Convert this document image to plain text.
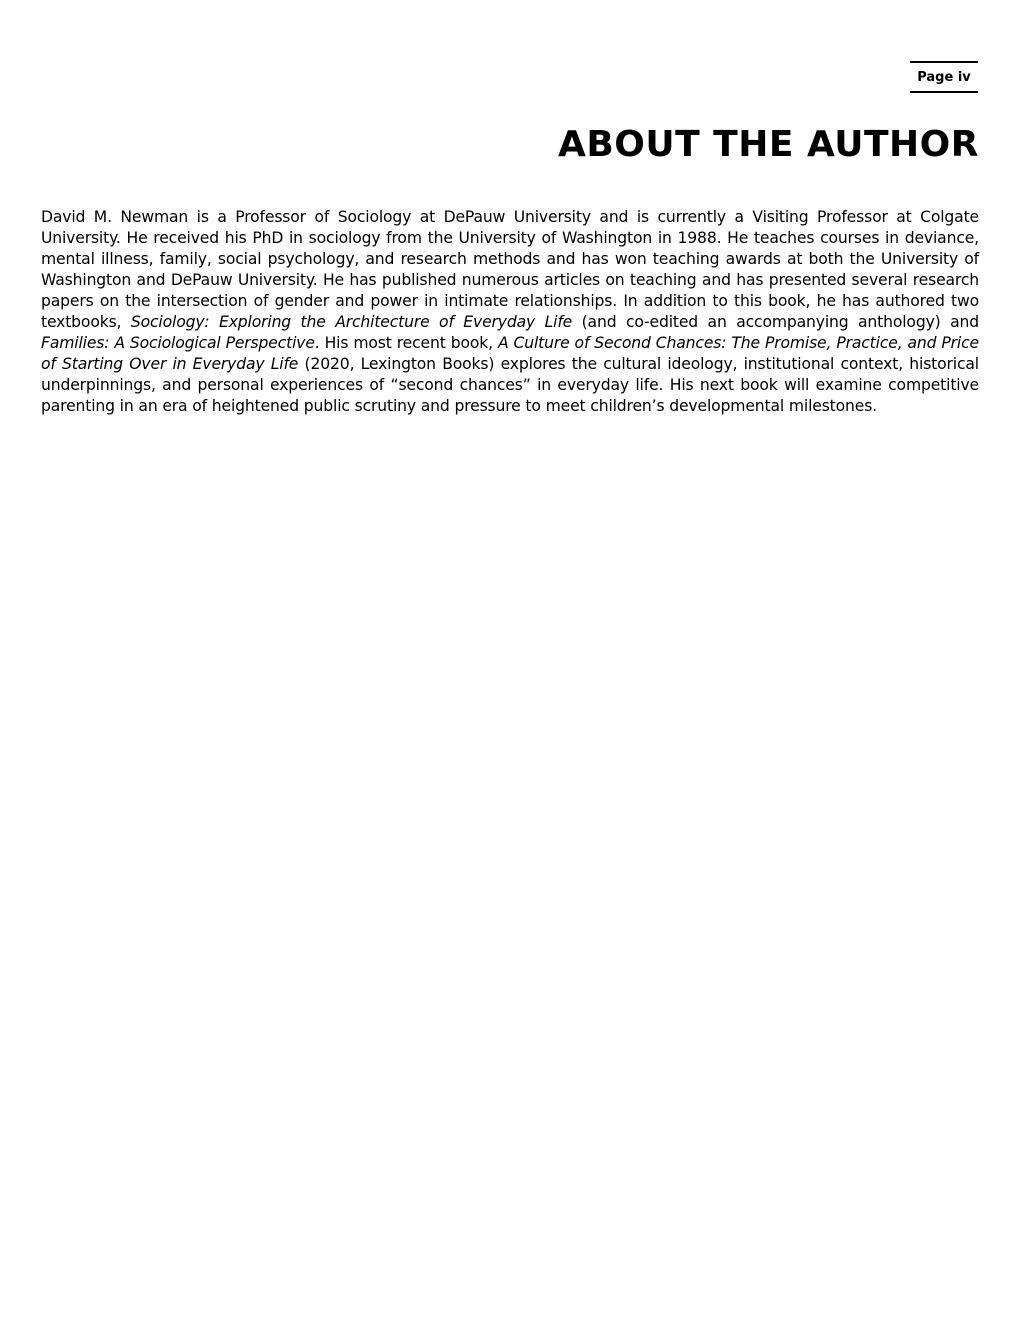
Page iv
ABOUT THE AUTHOR

David M. Newman is a Professor of Sociology at DePauw University and is currently a Visiting Professor at Colgate University. He received his PhD in sociology from the University of Washington in 1988. He teaches courses in deviance, mental illness, family, social psychology, and research methods and has won teaching awards at both the University of Washington and DePauw University. He has published numerous articles on teaching and has presented several research papers on the intersection of gender and power in intimate relationships. In addition to this book, he has authored two textbooks, Sociology: Exploring the Architecture of Everyday Life (and co-edited an accompanying anthology) and Families: A Sociological Perspective. His most recent book, A Culture of Second Chances: The Promise, Practice, and Price of Starting Over in Everyday Life (2020, Lexington Books) explores the cultural ideology, institutional context, historical underpinnings, and personal experiences of “second chances” in everyday life. His next book will examine competitive parenting in an era of heightened public scrutiny and pressure to meet children’s developmental milestones.
